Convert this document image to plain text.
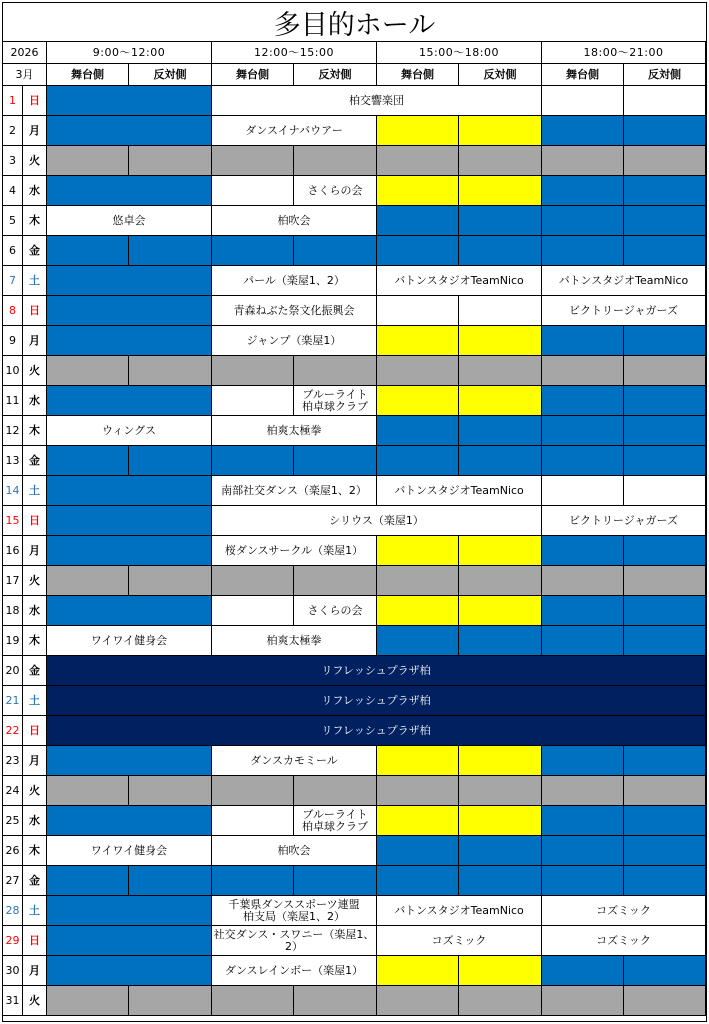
多目的ホール
2026		9:00～12:00		12:00～15:00		15:00～18:00		18:00～21:00	
3月		舞台側	反対側	舞台側	反対側	舞台側	反対側	舞台側	反対側
1	日			柏交響楽団					
2	月			ダンスイナバウアー					
3	火								
4	水				さくらの会				
5	木	悠卓会		柏吹会					
6	金								
7	土			パール（楽屋1、2）		バトンスタジオTeamNico		バトンスタジオTeamNico	
8	日			青森ねぶた祭文化振興会				ビクトリージャガーズ	
9	月			ジャンプ（楽屋1）					
10	火								
11	水				ブルーライト
柏卓球クラブ				
12	木	ウィングス		柏爽太極拳					
13	金								
14	土			南部社交ダンス（楽屋1、2）		バトンスタジオTeamNico			
15	日			シリウス（楽屋1）				ビクトリージャガーズ	
16	月			桜ダンスサークル（楽屋1）					
17	火								
18	水				さくらの会				
19	木	ワイワイ健身会		柏爽太極拳					
20	金	リフレッシュプラザ柏							
21	土	リフレッシュプラザ柏							
22	日	リフレッシュプラザ柏							
23	月			ダンスカモミール					
24	火								
25	水				ブルーライト
柏卓球クラブ				
26	木	ワイワイ健身会		柏吹会					
27	金								
28	土			千葉県ダンススポーツ連盟
柏支局（楽屋1、2）		バトンスタジオTeamNico		コズミック	
29	日			社交ダンス・スワニー（楽屋1、2）		コズミック		コズミック	
30	月			ダンスレインボー（楽屋1）					
31	火								
